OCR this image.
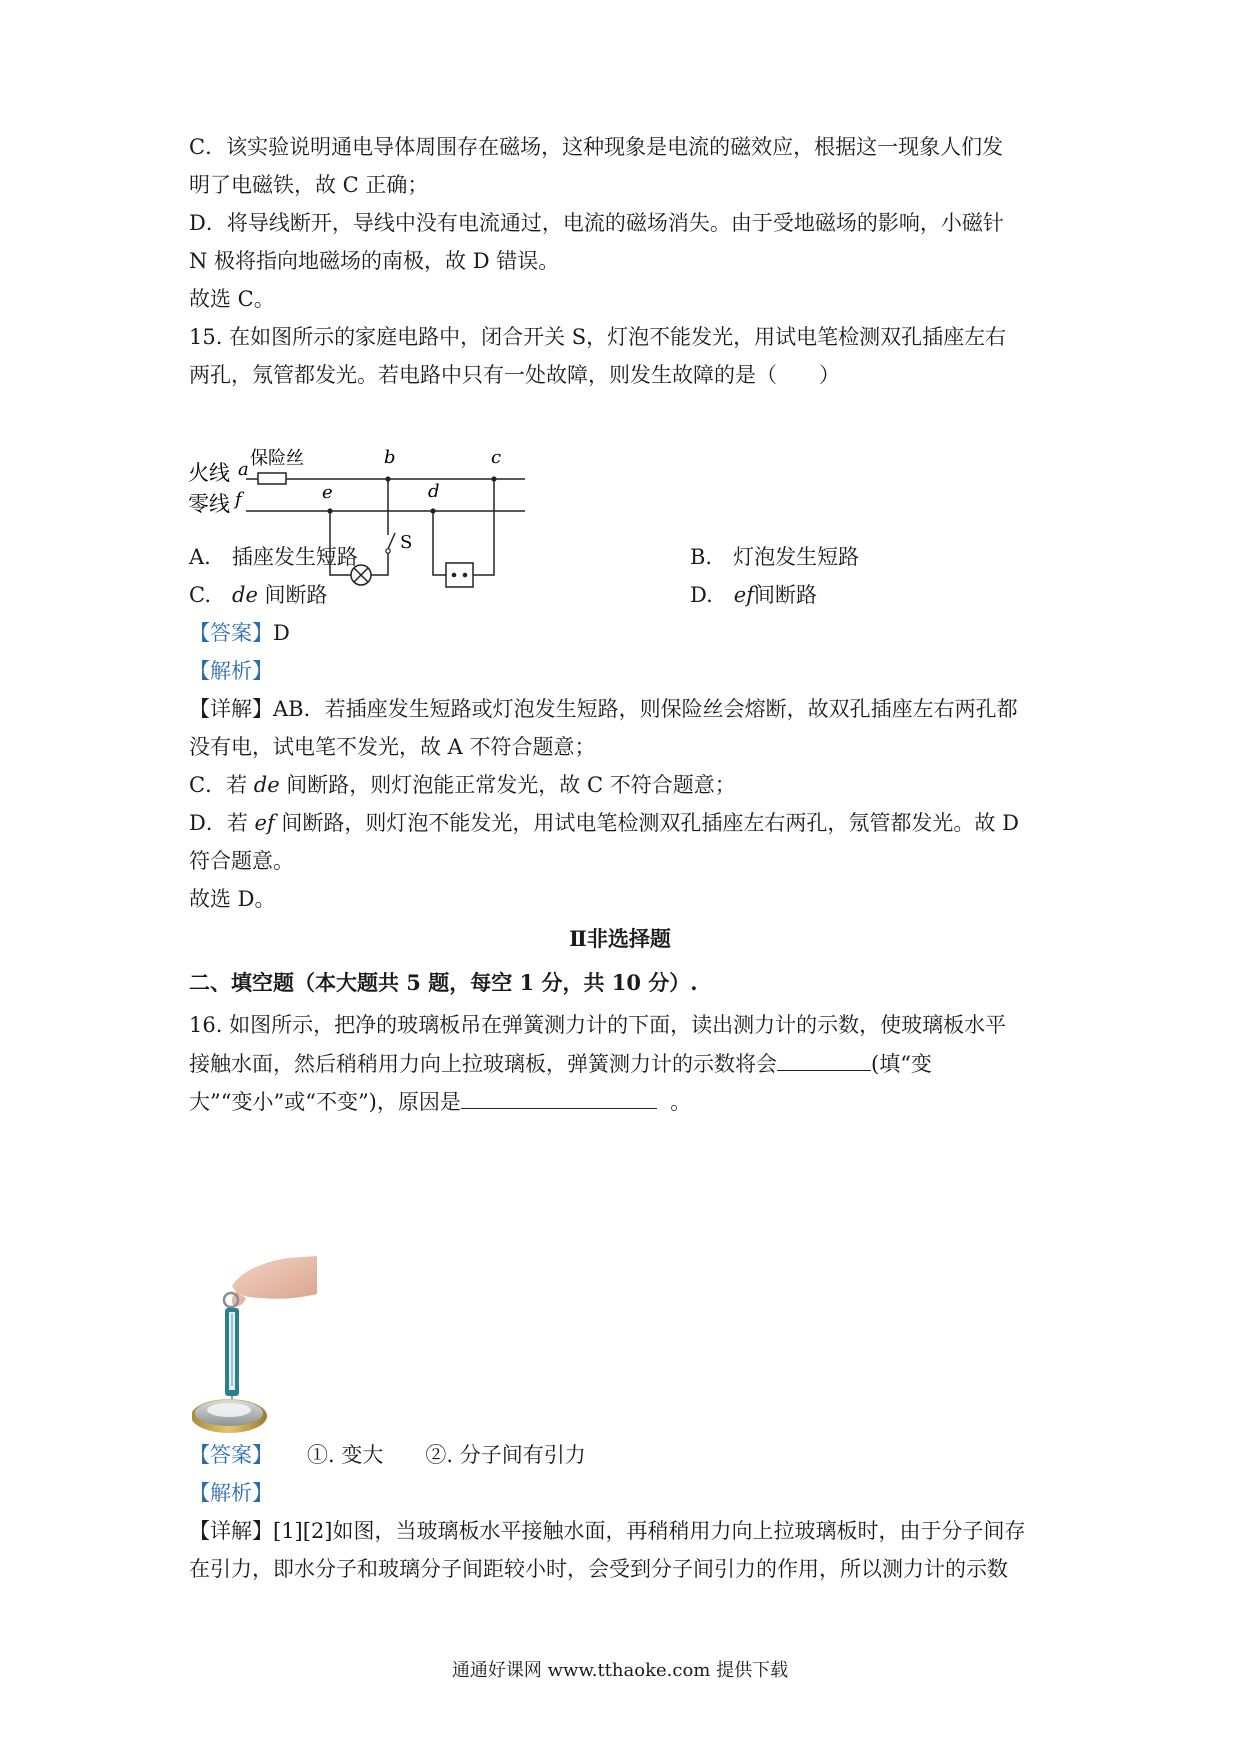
C．该实验说明通电导体周围存在磁场，这种现象是电流的磁效应，根据这一现象人们发
明了电磁铁，故 C 正确；
D．将导线断开，导线中没有电流通过，电流的磁场消失。由于受地磁场的影响，小磁针
N 极将指向地磁场的南极，故 D 错误。
故选 C。
15. 在如图所示的家庭电路中，闭合开关 S，灯泡不能发光，用试电笔检测双孔插座左右
两孔，氖管都发光。若电路中只有一处故障，则发生故障的是（　　）
火线
零线
a
f
保险丝	b	c
d
e
S
A.　插座发生短路	B.　灯泡发生短路
C.　de 间断路	D.　ef间断路
【答案】D
【解析】
【详解】AB．若插座发生短路或灯泡发生短路，则保险丝会熔断，故双孔插座左右两孔都
没有电，试电笔不发光，故 A 不符合题意；
C．若 de 间断路，则灯泡能正常发光，故 C 不符合题意；
D．若 ef 间断路，则灯泡不能发光，用试电笔检测双孔插座左右两孔，氖管都发光。故 D
符合题意。
故选 D。
Ⅱ非选择题
二、填空题（本大题共 5 题，每空 1 分，共 10 分）.
16. 如图所示，把净的玻璃板吊在弹簧测力计的下面，读出测力计的示数，使玻璃板水平
接触水面，然后稍稍用力向上拉玻璃板，弹簧测力计的示数将会	(填“变
大”“变小”或“不变”)，原因是	。
【答案】 ①. 变大 ②. 分子间有引力
【解析】
【详解】[1][2]如图，当玻璃板水平接触水面，再稍稍用力向上拉玻璃板时，由于分子间存
在引力，即水分子和玻璃分子间距较小时，会受到分子间引力的作用，所以测力计的示数
通通好课网 www.tthaoke.com 提供下载
